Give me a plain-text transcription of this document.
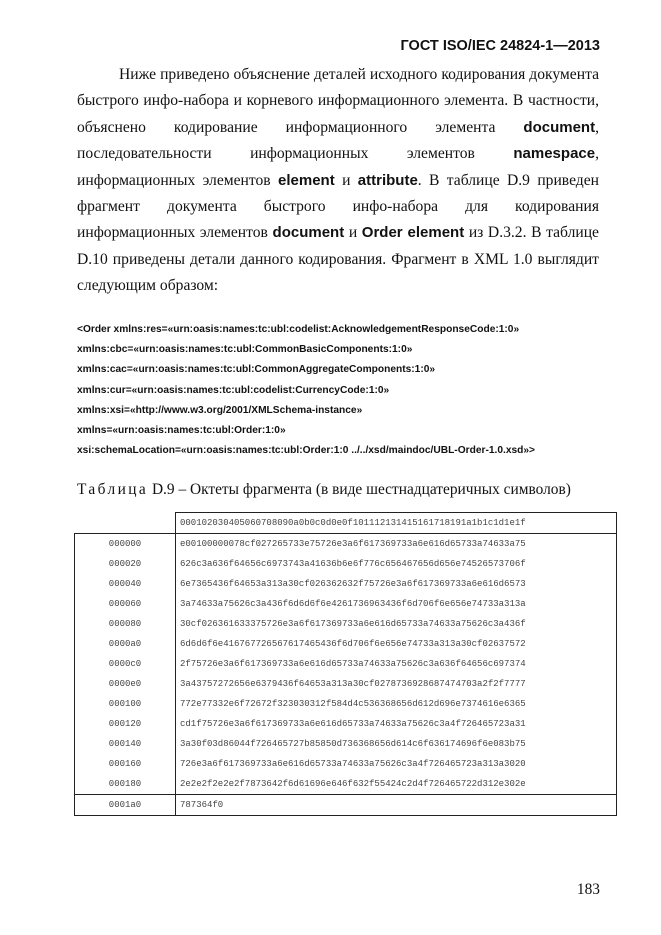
ГОСТ ISO/IEC 24824-1—2013

Ниже приведено объяснение деталей исходного кодирования документа быстрого инфо-набора и корневого информационного элемента. В частности, объяснено кодирование информационного элемента document, последовательности информационных элементов namespace, информационных элементов element и attribute. В таблице D.9 приведен фрагмент документа быстрого инфо-набора для кодирования информационных элементов document и Order element из D.3.2. В таблице D.10 приведены детали данного кодирования. Фрагмент в XML 1.0 выглядит следующим образом:

<Order xmlns:res=«urn:oasis:names:tc:ubl:codelist:AcknowledgementResponseCode:1:0»
xmlns:cbc=«urn:oasis:names:tc:ubl:CommonBasicComponents:1:0»
xmlns:cac=«urn:oasis:names:tc:ubl:CommonAggregateComponents:1:0»
xmlns:cur=«urn:oasis:names:tc:ubl:codelist:CurrencyCode:1:0»
xmlns:xsi=«http://www.w3.org/2001/XMLSchema-instance»
xmlns=«urn:oasis:names:tc:ubl:Order:1:0»
xsi:schemaLocation=«urn:oasis:names:tc:ubl:Order:1:0 ../../xsd/maindoc/UBL-Order-1.0.xsd»>
Таблица D.9 – Октеты фрагмента (в виде шестнадцатеричных символов)
	000102030405060708090a0b0c0d0e0f101112131415161718191a1b1c1d1e1f
000000	e00100000078cf027265733e75726e3a6f617369733a6e616d65733a74633a75
000020	626c3a636f64656c6973743a41636b6e6f776c656467656d656e74526573706f
000040	6e7365436f64653a313a30cf026362632f75726e3a6f617369733a6e616d6573
000060	3a74633a75626c3a436f6d6d6f6e4261736963436f6d706f6e656e74733a313a
000080	30cf026361633375726e3a6f617369733a6e616d65733a74633a75626c3a436f
0000a0	6d6d6f6e416767726567617465436f6d706f6e656e74733a313a30cf02637572
0000c0	2f75726e3a6f617369733a6e616d65733a74633a75626c3a636f64656c697374
0000e0	3a43757272656e6379436f64653a313a30cf0278736928687474703a2f2f7777
000100	772e77332e6f72672f323030312f584d4c536368656d612d696e7374616e6365
000120	cd1f75726e3a6f617369733a6e616d65733a74633a75626c3a4f726465723a31
000140	3a30f03d86044f726465727b85850d736368656d614c6f636174696f6e083b75
000160	726e3a6f617369733a6e616d65733a74633a75626c3a4f726465723a313a3020
000180	2e2e2f2e2e2f7873642f6d61696e646f632f55424c2d4f726465722d312e302e
0001a0	787364f0
183
